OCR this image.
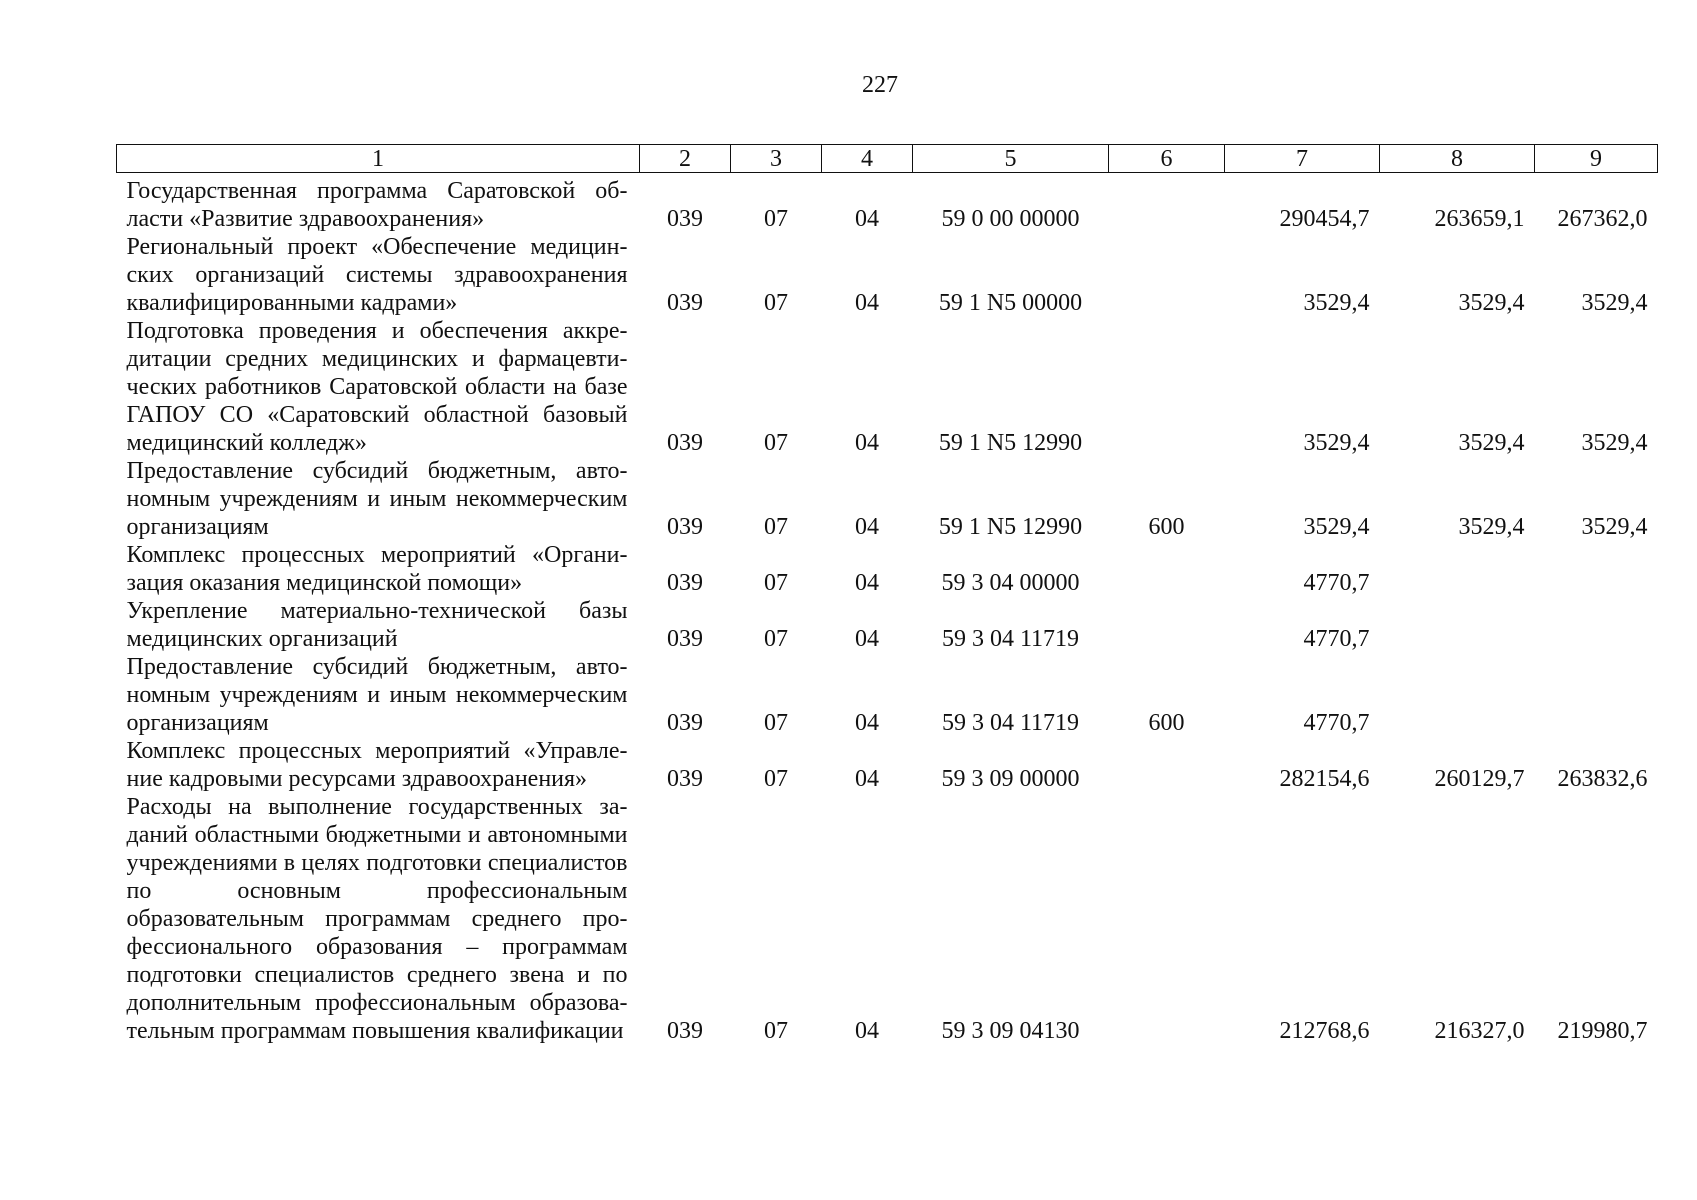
227
1	2	3	4	5	6	7	8	9
Государственная программа Саратовской области «Развитие здравоохранения»	039	07	04	59 0 00 00000		290454,7	263659,1	267362,0
Региональный проект «Обеспечение медицинских организаций системы здравоохранения квалифицированными кадрами»	039	07	04	59 1 N5 00000		3529,4	3529,4	3529,4
Подготовка проведения и обеспечения аккредитации средних медицинских и фармацевтических работников Саратовской области на базе ГАПОУ СО «Саратовский областной базовый медицинский колледж»	039	07	04	59 1 N5 12990		3529,4	3529,4	3529,4
Предоставление субсидий бюджетным, автономным учреждениям и иным некоммерческим организациям	039	07	04	59 1 N5 12990	600	3529,4	3529,4	3529,4
Комплекс процессных мероприятий «Организация оказания медицинской помощи»	039	07	04	59 3 04 00000		4770,7		
Укрепление материально-технической базы медицинских организаций	039	07	04	59 3 04 11719		4770,7		
Предоставление субсидий бюджетным, автономным учреждениям и иным некоммерческим организациям	039	07	04	59 3 04 11719	600	4770,7		
Комплекс процессных мероприятий «Управление кадровыми ресурсами здравоохранения»	039	07	04	59 3 09 00000		282154,6	260129,7	263832,6
Расходы на выполнение государственных заданий областными бюджетными и автономными учреждениями в целях подготовки специалистов по основным профессиональным образовательным программам среднего профессионального образования – программам подготовки специалистов среднего звена и по дополнительным профессиональным образовательным программам повышения квалификации	039	07	04	59 3 09 04130		212768,6	216327,0	219980,7
